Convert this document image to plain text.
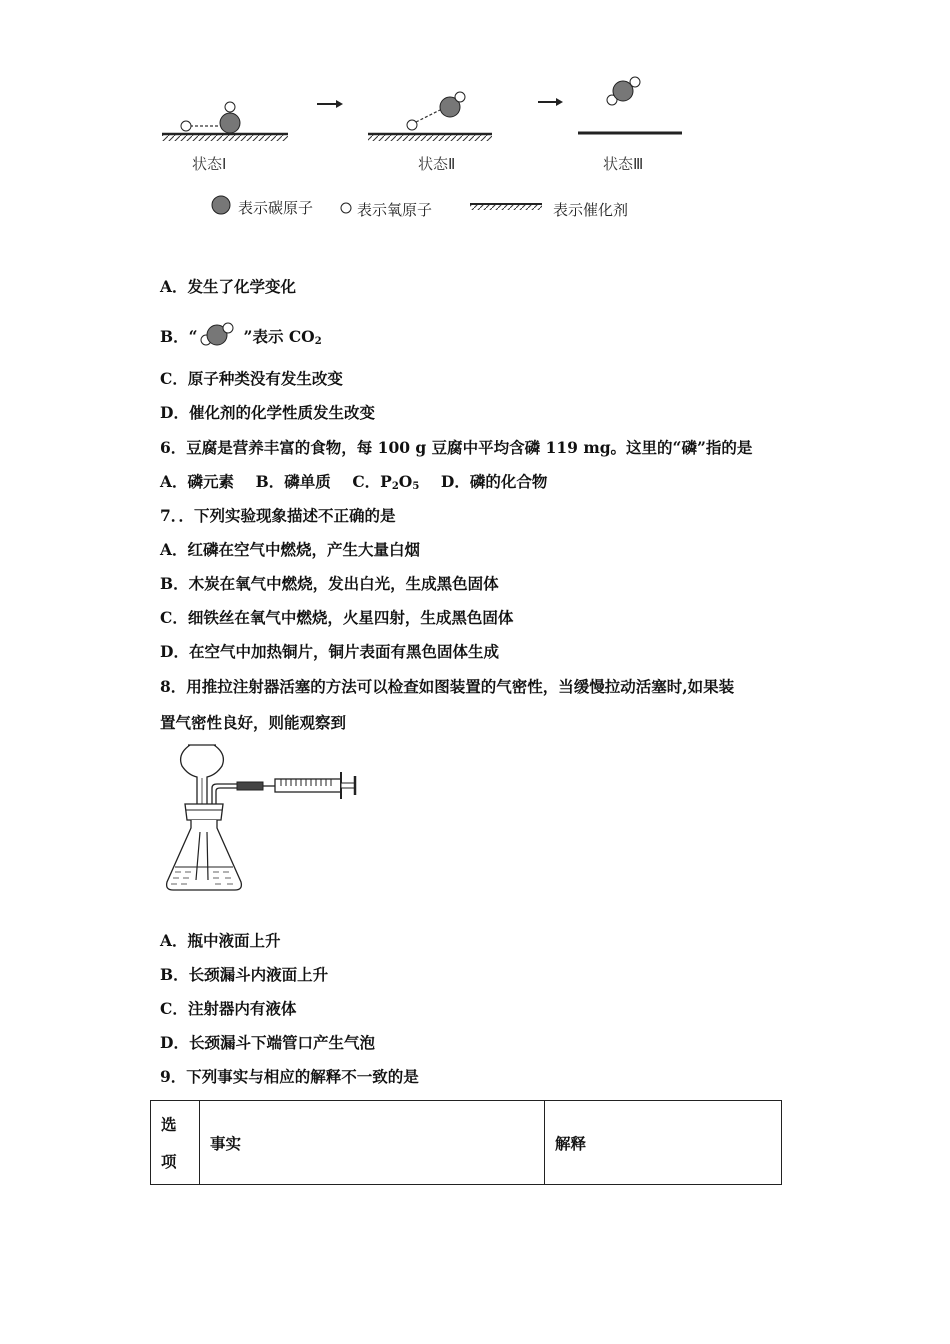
状态Ⅰ	状态Ⅱ	状态Ⅲ
表示碳原子	表示氧原子	表示催化剂
A．发生了化学变化
B．“	”表示 $CO_2$
C．原子种类没有发生改变
D．催化剂的化学性质发生改变
6．豆腐是营养丰富的食物，每 100 g 豆腐中平均含磷 119 mg。这里的“磷”指的是
A．磷元素 B．磷单质 C．$P_2O_5$ D．磷的化合物
7．．下列实验现象描述不正确的是
A．红磷在空气中燃烧，产生大量白烟
B．木炭在氧气中燃烧，发出白光，生成黑色固体
C．细铁丝在氧气中燃烧，火星四射，生成黑色固体
D．在空气中加热铜片，铜片表面有黑色固体生成
8．用推拉注射器活塞的方法可以检查如图装置的气密性，当缓慢拉动活塞时,如果装
置气密性良好，则能观察到
A．瓶中液面上升
B．长颈漏斗内液面上升
C．注射器内有液体
D．长颈漏斗下端管口产生气泡
9．下列事实与相应的解释不一致的是
选
项	事实	解释
